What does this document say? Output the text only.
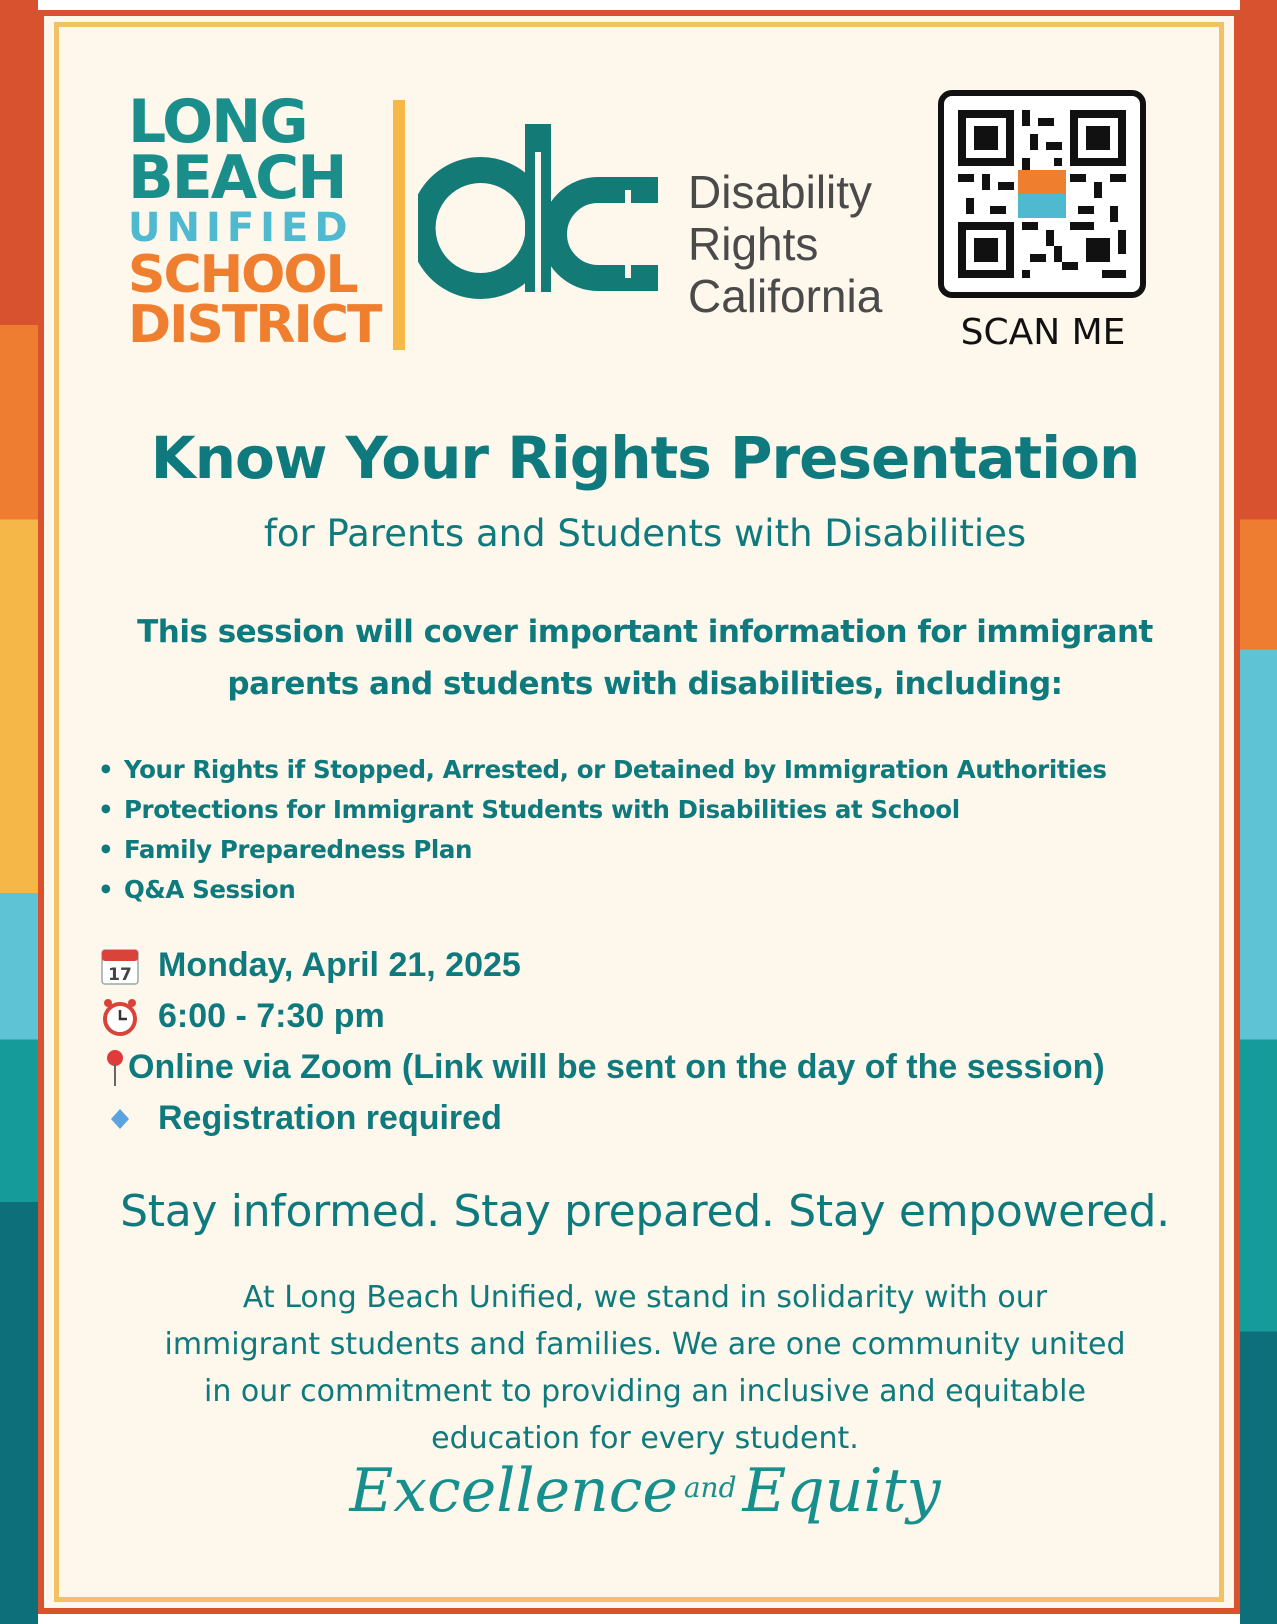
LONG
BEACH
UNIFIED
SCHOOL
DISTRICT
Disability
Rights
California
SCAN ME
Know Your Rights Presentation
for Parents and Students with Disabilities
This session will cover important information for immigrant
parents and students with disabilities, including:
• Your Rights if Stopped, Arrested, or Detained by Immigration Authorities
• Protections for Immigrant Students with Disabilities at School
• Family Preparedness Plan
• Q&A Session
17 Monday, April 21, 2025
6:00 - 7:30 pm
Online via Zoom (Link will be sent on the day of the session)
Registration required
Stay informed. Stay prepared. Stay empowered.
At Long Beach Unified, we stand in solidarity with our
immigrant students and families. We are one community united
in our commitment to providing an inclusive and equitable
education for every student.
Excellence $^{and}$ Equity
